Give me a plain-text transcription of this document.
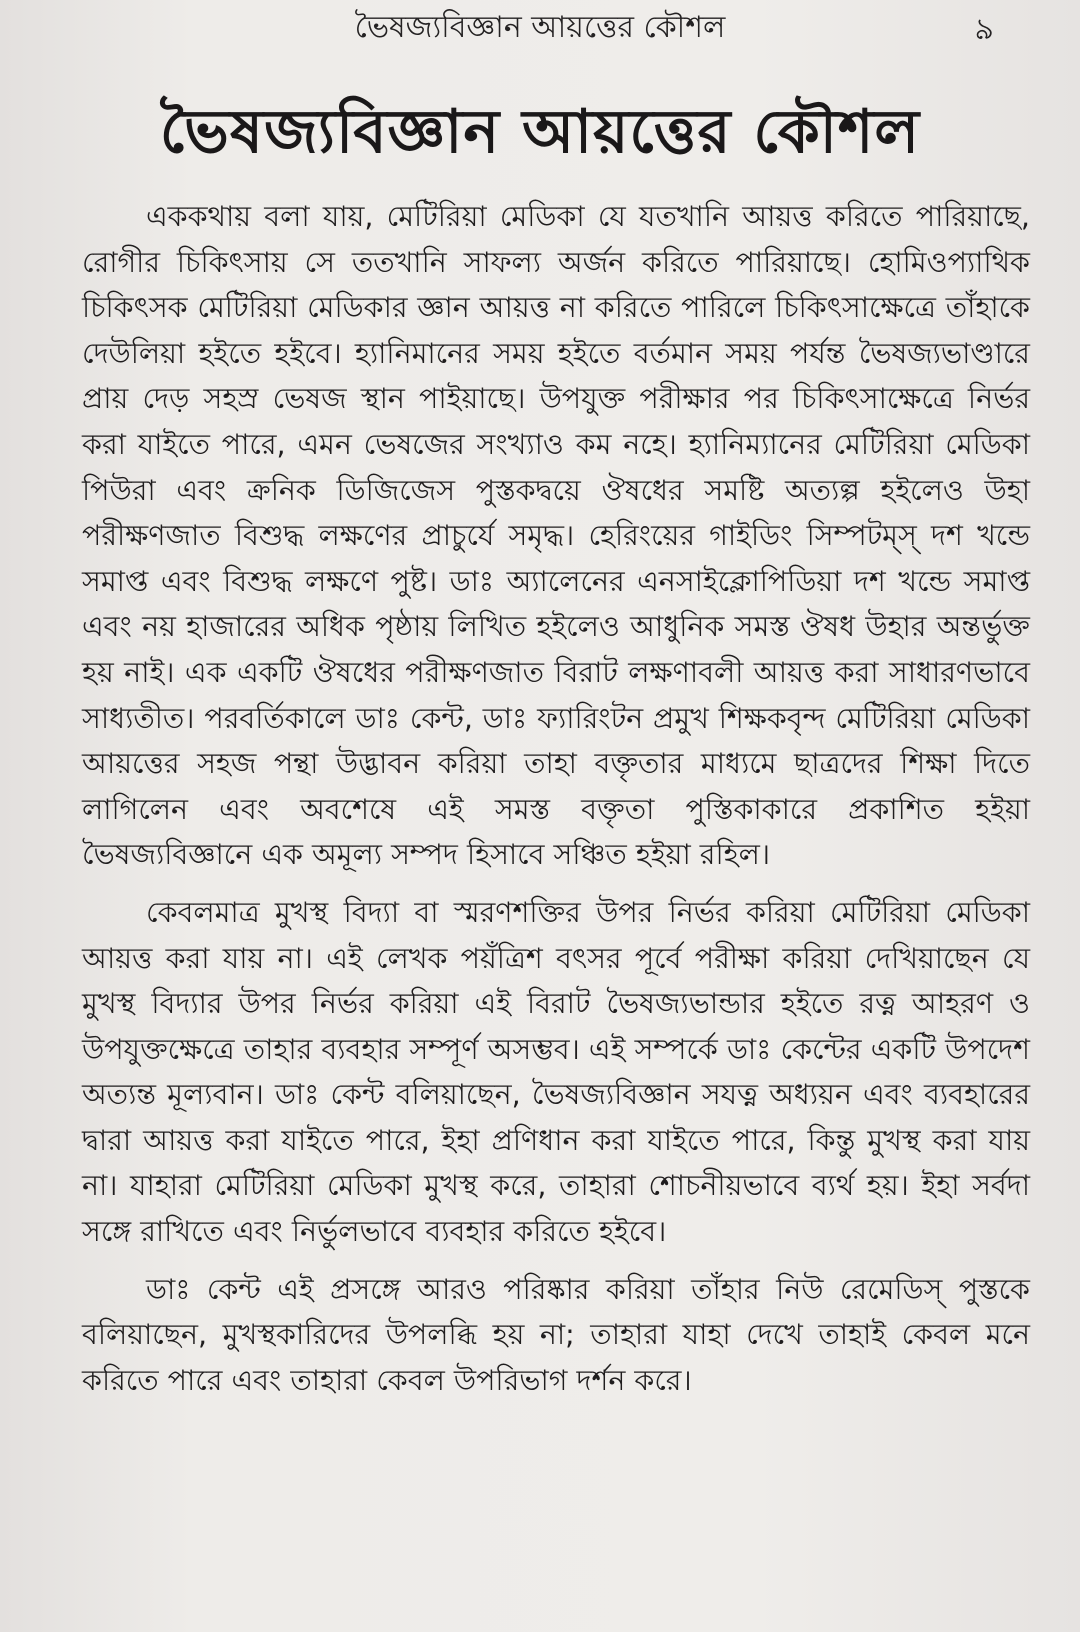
ভৈষজ্যবিজ্ঞান আয়ত্তের কৌশল	৯
ভৈষজ্যবিজ্ঞান আয়ত্তের কৌশল

এককথায় বলা যায়, মেটিরিয়া মেডিকা যে যতখানি আয়ত্ত করিতে পারিয়াছে, রোগীর চিকিৎসায় সে ততখানি সাফল্য অর্জন করিতে পারিয়াছে। হোমিওপ্যাথিক চিকিৎসক মেটিরিয়া মেডিকার জ্ঞান আয়ত্ত না করিতে পারিলে চিকিৎসাক্ষেত্রে তাঁহাকে দেউলিয়া হইতে হইবে। হ্যানিমানের সময় হইতে বর্তমান সময় পর্যন্ত ভৈষজ্যভাণ্ডারে প্রায় দেড় সহস্র ভেষজ স্থান পাইয়াছে। উপযুক্ত পরীক্ষার পর চিকিৎসাক্ষেত্রে নির্ভর করা যাইতে পারে, এমন ভেষজের সংখ্যাও কম নহে। হ্যানিম্যানের মেটিরিয়া মেডিকা পিউরা এবং ক্রনিক ডিজিজেস পুস্তকদ্বয়ে ঔষধের সমষ্টি অত্যল্প হইলেও উহা পরীক্ষণজাত বিশুদ্ধ লক্ষণের প্রাচুর্যে সমৃদ্ধ। হেরিংয়ের গাইডিং সিম্পটম্‌স্‌ দশ খন্ডে সমাপ্ত এবং বিশুদ্ধ লক্ষণে পুষ্ট। ডাঃ অ্যালেনের এনসাইক্লোপিডিয়া দশ খন্ডে সমাপ্ত এবং নয় হাজারের অধিক পৃষ্ঠায় লিখিত হইলেও আধুনিক সমস্ত ঔষধ উহার অন্তর্ভুক্ত হয় নাই। এক একটি ঔষধের পরীক্ষণজাত বিরাট লক্ষণাবলী আয়ত্ত করা সাধারণভাবে সাধ্যতীত। পরবর্তিকালে ডাঃ কেন্ট, ডাঃ ফ্যারিংটন প্রমুখ শিক্ষকবৃন্দ মেটিরিয়া মেডিকা আয়ত্তের সহজ পন্থা উদ্ভাবন করিয়া তাহা বক্তৃতার মাধ্যমে ছাত্রদের শিক্ষা দিতে লাগিলেন এবং অবশেষে এই সমস্ত বক্তৃতা পুস্তিকাকারে প্রকাশিত হইয়া ভৈষজ্যবিজ্ঞানে এক অমূল্য সম্পদ হিসাবে সঞ্চিত হইয়া রহিল।

কেবলমাত্র মুখস্থ বিদ্যা বা স্মরণশক্তির উপর নির্ভর করিয়া মেটিরিয়া মেডিকা আয়ত্ত করা যায় না। এই লেখক পয়ঁত্রিশ বৎসর পূর্বে পরীক্ষা করিয়া দেখিয়াছেন যে মুখস্থ বিদ্যার উপর নির্ভর করিয়া এই বিরাট ভৈষজ্যভান্ডার হইতে রত্ন আহরণ ও উপযুক্তক্ষেত্রে তাহার ব্যবহার সম্পূর্ণ অসম্ভব। এই সম্পর্কে ডাঃ কেন্টের একটি উপদেশ অত্যন্ত মূল্যবান। ডাঃ কেন্ট বলিয়াছেন, ভৈষজ্যবিজ্ঞান সযত্ন অধ্যয়ন এবং ব্যবহারের দ্বারা আয়ত্ত করা যাইতে পারে, ইহা প্রণিধান করা যাইতে পারে, কিন্তু মুখস্থ করা যায় না। যাহারা মেটিরিয়া মেডিকা মুখস্থ করে, তাহারা শোচনীয়ভাবে ব্যর্থ হয়। ইহা সর্বদা সঙ্গে রাখিতে এবং নির্ভুলভাবে ব্যবহার করিতে হইবে।

ডাঃ কেন্ট এই প্রসঙ্গে আরও পরিষ্কার করিয়া তাঁহার নিউ রেমেডিস্‌ পুস্তকে বলিয়াছেন, মুখস্থকারিদের উপলব্ধি হয় না; তাহারা যাহা দেখে তাহাই কেবল মনে করিতে পারে এবং তাহারা কেবল উপরিভাগ দর্শন করে।
